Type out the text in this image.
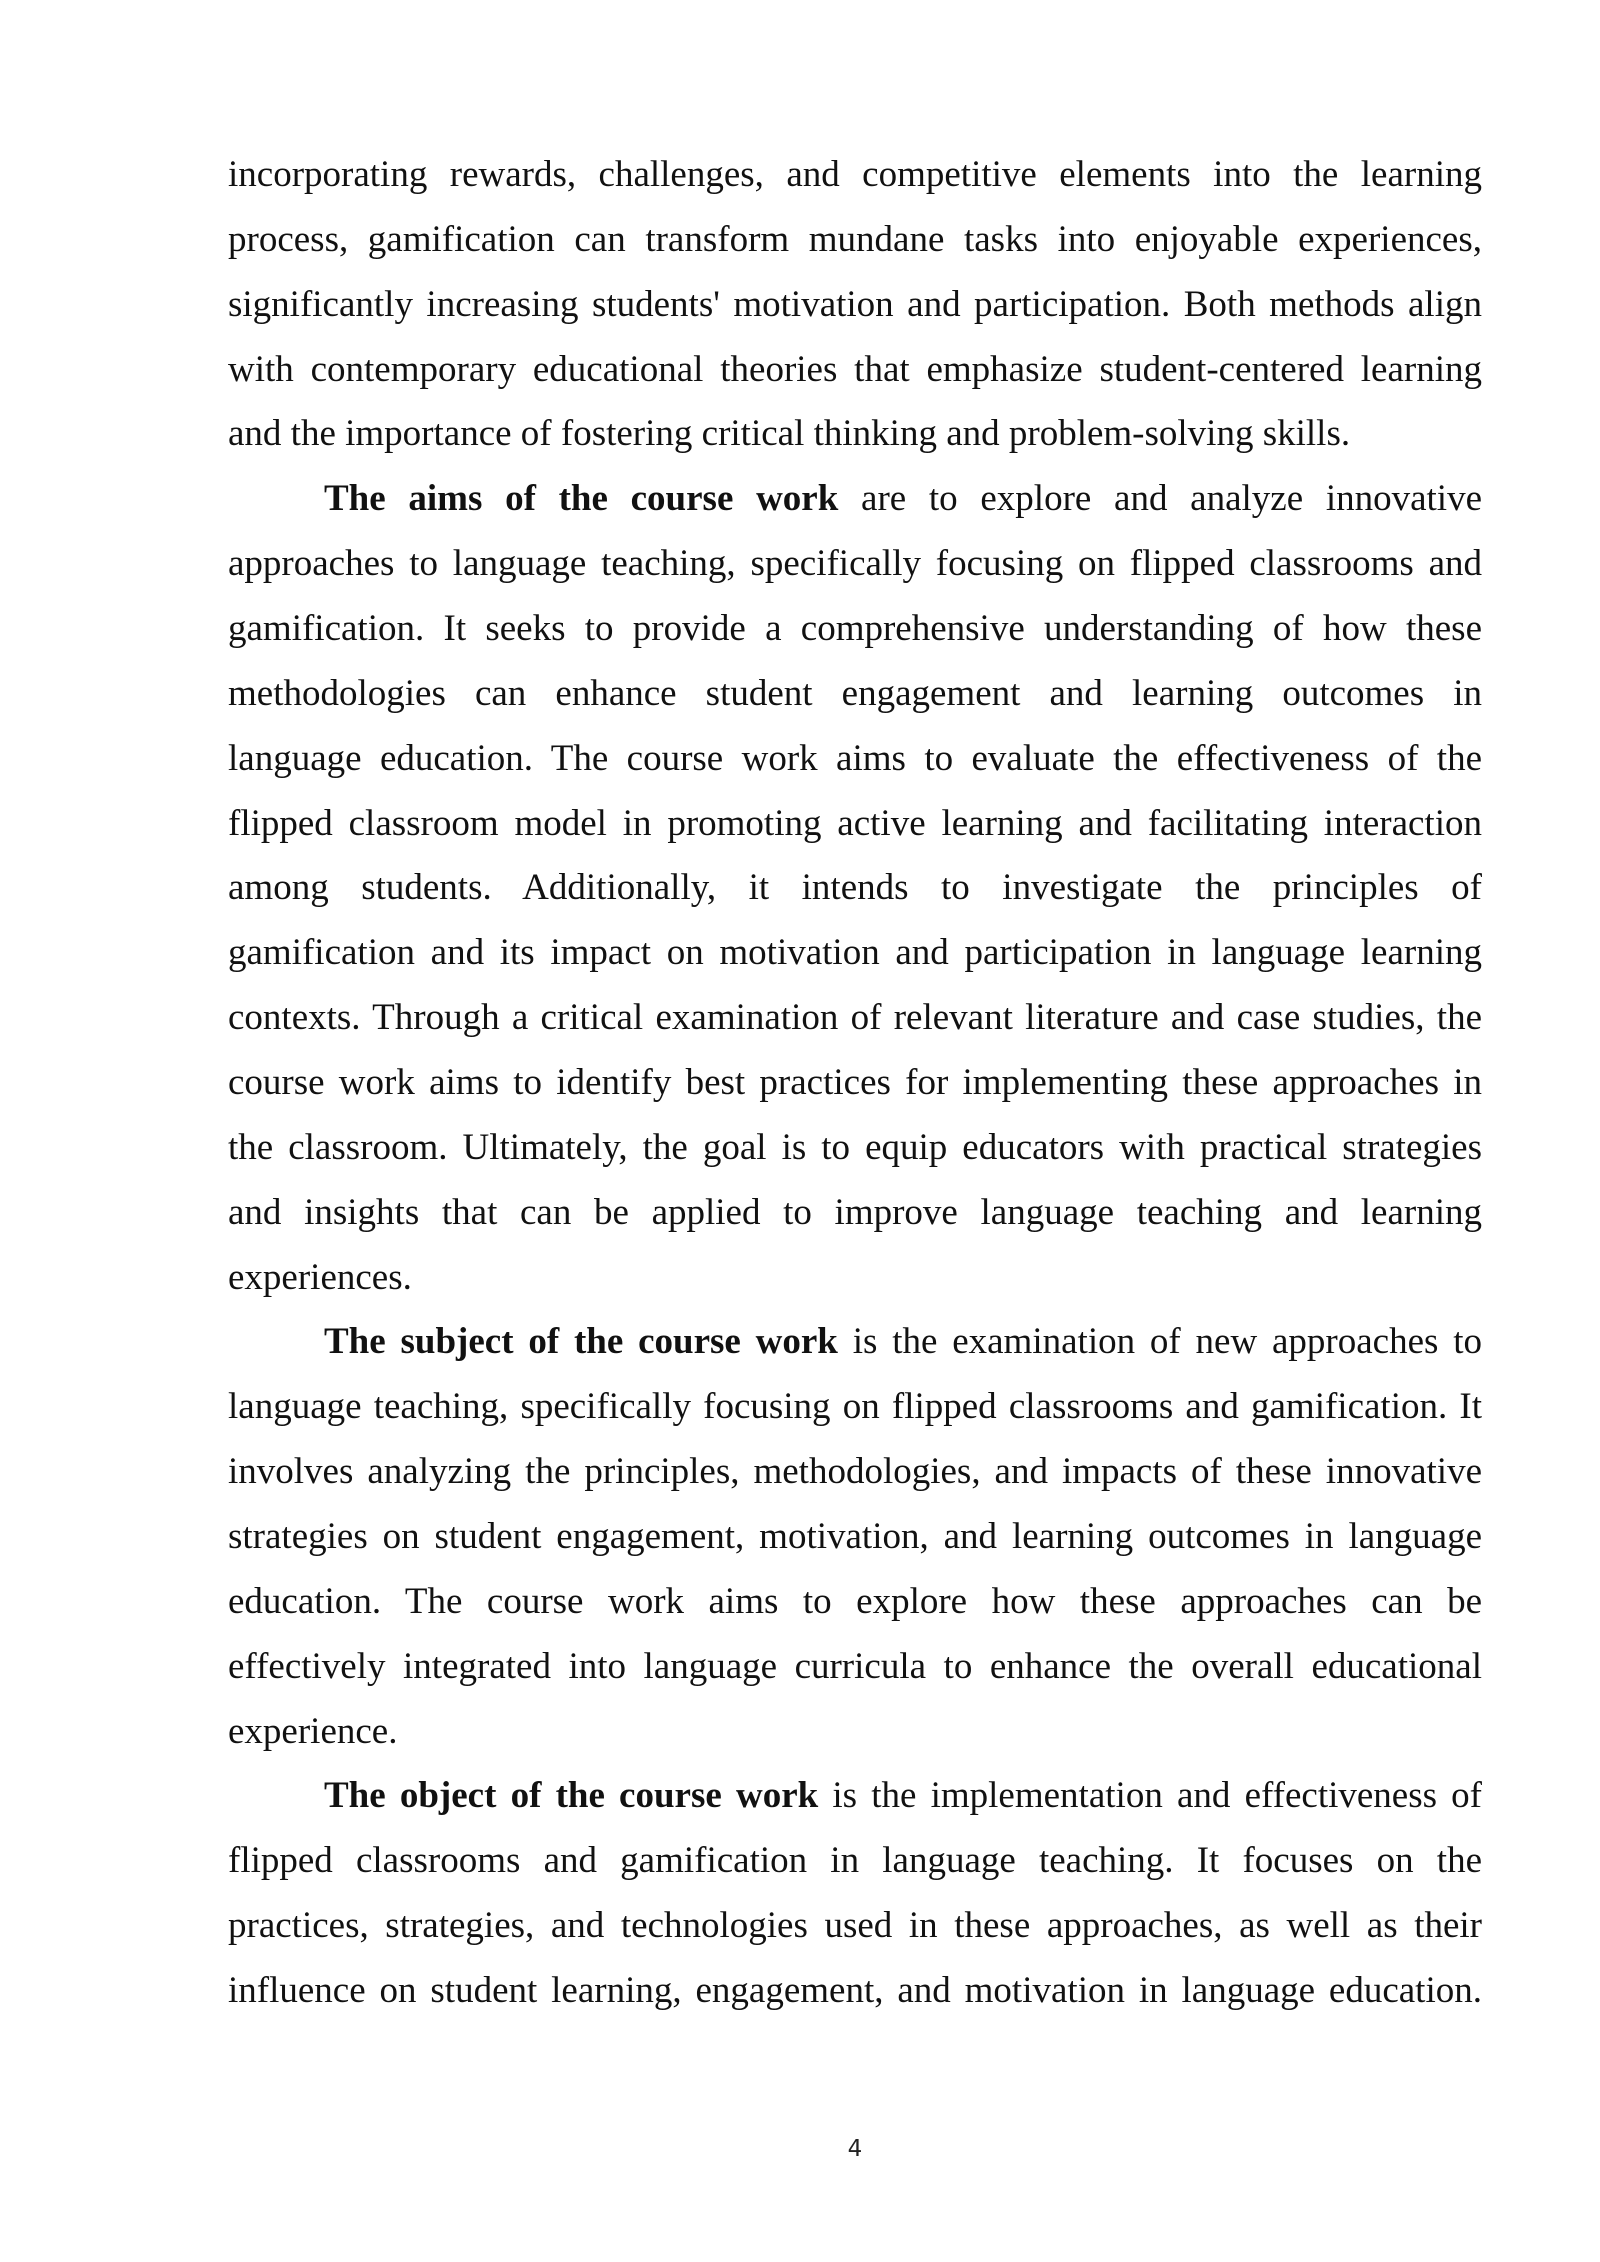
incorporating rewards, challenges, and competitive elements into the learning
process, gamification can transform mundane tasks into enjoyable experiences,
significantly increasing students' motivation and participation. Both methods align
with contemporary educational theories that emphasize student-centered learning
and the importance of fostering critical thinking and problem-solving skills.
The aims of the course work are to explore and analyze innovative
approaches to language teaching, specifically focusing on flipped classrooms and
gamification. It seeks to provide a comprehensive understanding of how these
methodologies can enhance student engagement and learning outcomes in
language education. The course work aims to evaluate the effectiveness of the
flipped classroom model in promoting active learning and facilitating interaction
among students. Additionally, it intends to investigate the principles of
gamification and its impact on motivation and participation in language learning
contexts. Through a critical examination of relevant literature and case studies, the
course work aims to identify best practices for implementing these approaches in
the classroom. Ultimately, the goal is to equip educators with practical strategies
and insights that can be applied to improve language teaching and learning
experiences.
The subject of the course work is the examination of new approaches to
language teaching, specifically focusing on flipped classrooms and gamification. It
involves analyzing the principles, methodologies, and impacts of these innovative
strategies on student engagement, motivation, and learning outcomes in language
education. The course work aims to explore how these approaches can be
effectively integrated into language curricula to enhance the overall educational
experience.
The object of the course work is the implementation and effectiveness of
flipped classrooms and gamification in language teaching. It focuses on the
practices, strategies, and technologies used in these approaches, as well as their
influence on student learning, engagement, and motivation in language education.
4
